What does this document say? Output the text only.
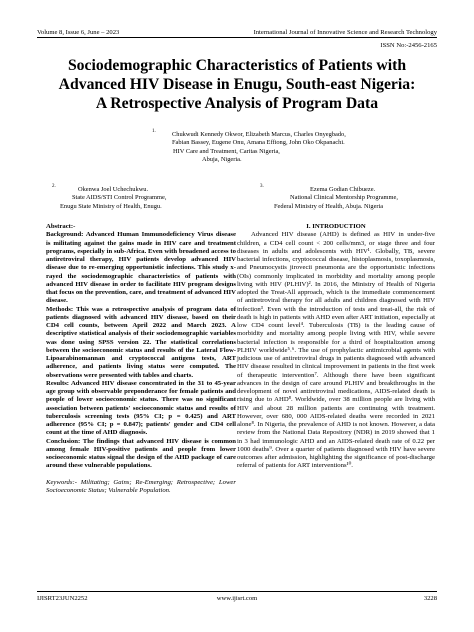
Volume 8, Issue 6, June – 2023	International Journal of Innovative Science and Research Technology
ISSN No:-2456-2165
Sociodemographic Characteristics of Patients with
Advanced HIV Disease in Enugu, South-east Nigeria:
A Retrospective Analysis of Program Data
1.	Chukwudi Kennedy Okwor, Elizabeth Marcus, Charles Onyegbado,
Fabian Bassey, Eugene Onu, Amana Effiong, John Oko Okpanachi.
HIV Care and Treatment, Caritas Nigeria,
Abuja, Nigeria.
2.	Okenwa Joel Uchechukwu.
State AIDS/STI Control Programme,
Enugu State Ministry of Health, Enugu.
3.	Ezema Godian Chibueze.
National Clinical Mentorship Programme,
Federal Ministry of Health, Abuja. Nigeria

Abstract:-

Background: Advanced Human Immunodeficiency Virus disease is militating against the gains made in HIV care and treatment programs, especially in sub-Africa. Even with broadened access to antiretroviral therapy, HIV patients develop advanced HIV disease due to re-emerging opportunistic infections. This study x-rayed the sociodemographic characteristics of patients with advanced HIV disease in order to facilitate HIV program designs that focus on the prevention, care, and treatment of advanced HIV disease.

Methods: This was a retrospective analysis of program data of patients diagnosed with advanced HIV disease, based on their CD4 cell counts, between April 2022 and March 2023. A descriptive statistical analysis of their sociodemographic variables was done using SPSS version 22. The statistical correlations between the socioeconomic status and results of the Lateral Flow-Lipoarabinomannan and cryptococcal antigens tests, ART adherence, and patients living status were computed. The observations were presented with tables and charts.

Results: Advanced HIV disease concentrated in the 31 to 45-year age group with observable preponderance for female patients and people of lower socioeconomic status. There was no significant association between patients' socioeconomic status and results of tuberculosis screening tests (95% CI; p = 0.425) and ART adherence (95% CI; p = 0.847); patients' gender and CD4 cell count at the time of AHD diagnosis.

Conclusion: The findings that advanced HIV disease is common among female HIV-positive patients and people from lower socioeconomic status signal the design of the AHD package of care around these vulnerable populations.

Keywords:- Militating; Gains; Re-Emerging; Retrospective; Lower Socioeconomic Status; Vulnerable Population.

I. INTRODUCTION

Advanced HIV disease (AHD) is defined as HIV in under-five children, a CD4 cell count < 200 cells/mm3, or stage three and four diseases in adults and adolescents with HIV¹. Globally, TB, severe bacterial infections, cryptococcal disease, histoplasmosis, toxoplasmosis, and Pneumocystis jirovecii pneumonia are the opportunistic infections (OIs) commonly implicated in morbidity and mortality among people living with HIV (PLHIV)². In 2016, the Ministry of Health of Nigeria adopted the Treat-All approach, which is the immediate commencement of antiretroviral therapy for all adults and children diagnosed with HIV infection³. Even with the introduction of tests and treat-all, the risk of death is high in patients with AHD even after ART initiation, especially at low CD4 count level⁴. Tuberculosis (TB) is the leading cause of morbidity and mortality among people living with HIV, while severe bacterial infection is responsible for a third of hospitalization among PLHIV worldwide⁵˒⁶. The use of prophylactic antimicrobial agents with judicious use of antiretroviral drugs in patients diagnosed with advanced HIV disease resulted in clinical improvement in patients in the first week of therapeutic intervention⁷. Although there have been significant advances in the design of care around PLHIV and breakthroughs in the development of novel antiretroviral medications, AIDS-related death is rising due to AHD⁸. Worldwide, over 38 million people are living with HIV and about 28 million patients are continuing with treatment. However, over 680, 000 AIDS-related deaths were recorded in 2021 alone⁸. In Nigeria, the prevalence of AHD is not known. However, a data review from the National Data Repository (NDR) in 2019 showed that 1 in 3 had immunologic AHD and an AIDS-related death rate of 0.22 per 1000 deaths⁹. Over a quarter of patients diagnosed with HIV have severe outcomes after admission, highlighting the significance of post-discharge referral of patients for ART interventions¹⁰.

IJISRT23JUN2252	www.ijisrt.com	3228
